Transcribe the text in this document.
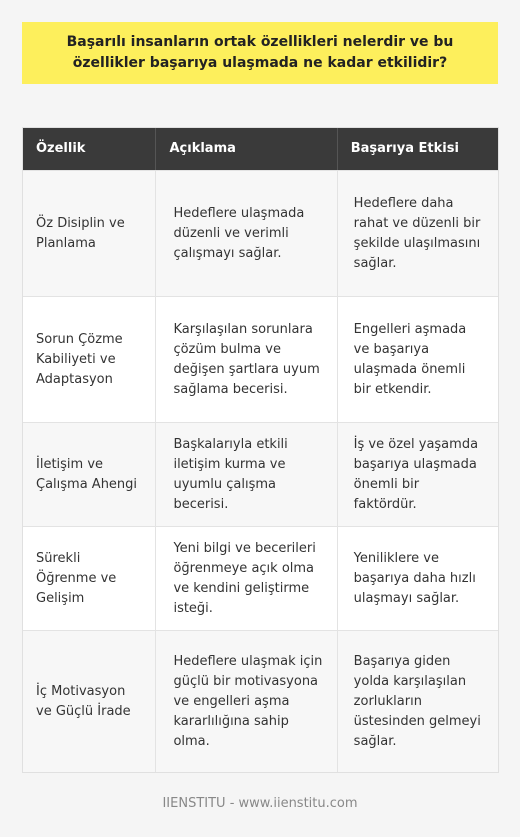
Başarılı insanların ortak özellikleri nelerdir ve bu özellikler başarıya ulaşmada ne kadar etkilidir?
Özellik	Açıklama	Başarıya Etkisi
Öz Disiplin ve Planlama
Hedeflere ulaşmada düzenli ve verimli çalışmayı sağlar.
Hedeflere daha rahat ve düzenli bir şekilde ulaşılmasını sağlar.
Sorun Çözme Kabiliyeti ve Adaptasyon
Karşılaşılan sorunlara çözüm bulma ve değişen şartlara uyum sağlama becerisi.
Engelleri aşmada ve başarıya ulaşmada önemli bir etkendir.
İletişim ve Çalışma Ahengi
Başkalarıyla etkili iletişim kurma ve uyumlu çalışma becerisi.
İş ve özel yaşamda başarıya ulaşmada önemli bir faktördür.
Sürekli Öğrenme ve Gelişim
Yeni bilgi ve becerileri öğrenmeye açık olma ve kendini geliştirme isteği.
Yeniliklere ve başarıya daha hızlı ulaşmayı sağlar.
İç Motivasyon ve Güçlü İrade
Hedeflere ulaşmak için güçlü bir motivasyona ve engelleri aşma kararlılığına sahip olma.
Başarıya giden yolda karşılaşılan zorlukların üstesinden gelmeyi sağlar.
IIENSTITU - www.iienstitu.com
